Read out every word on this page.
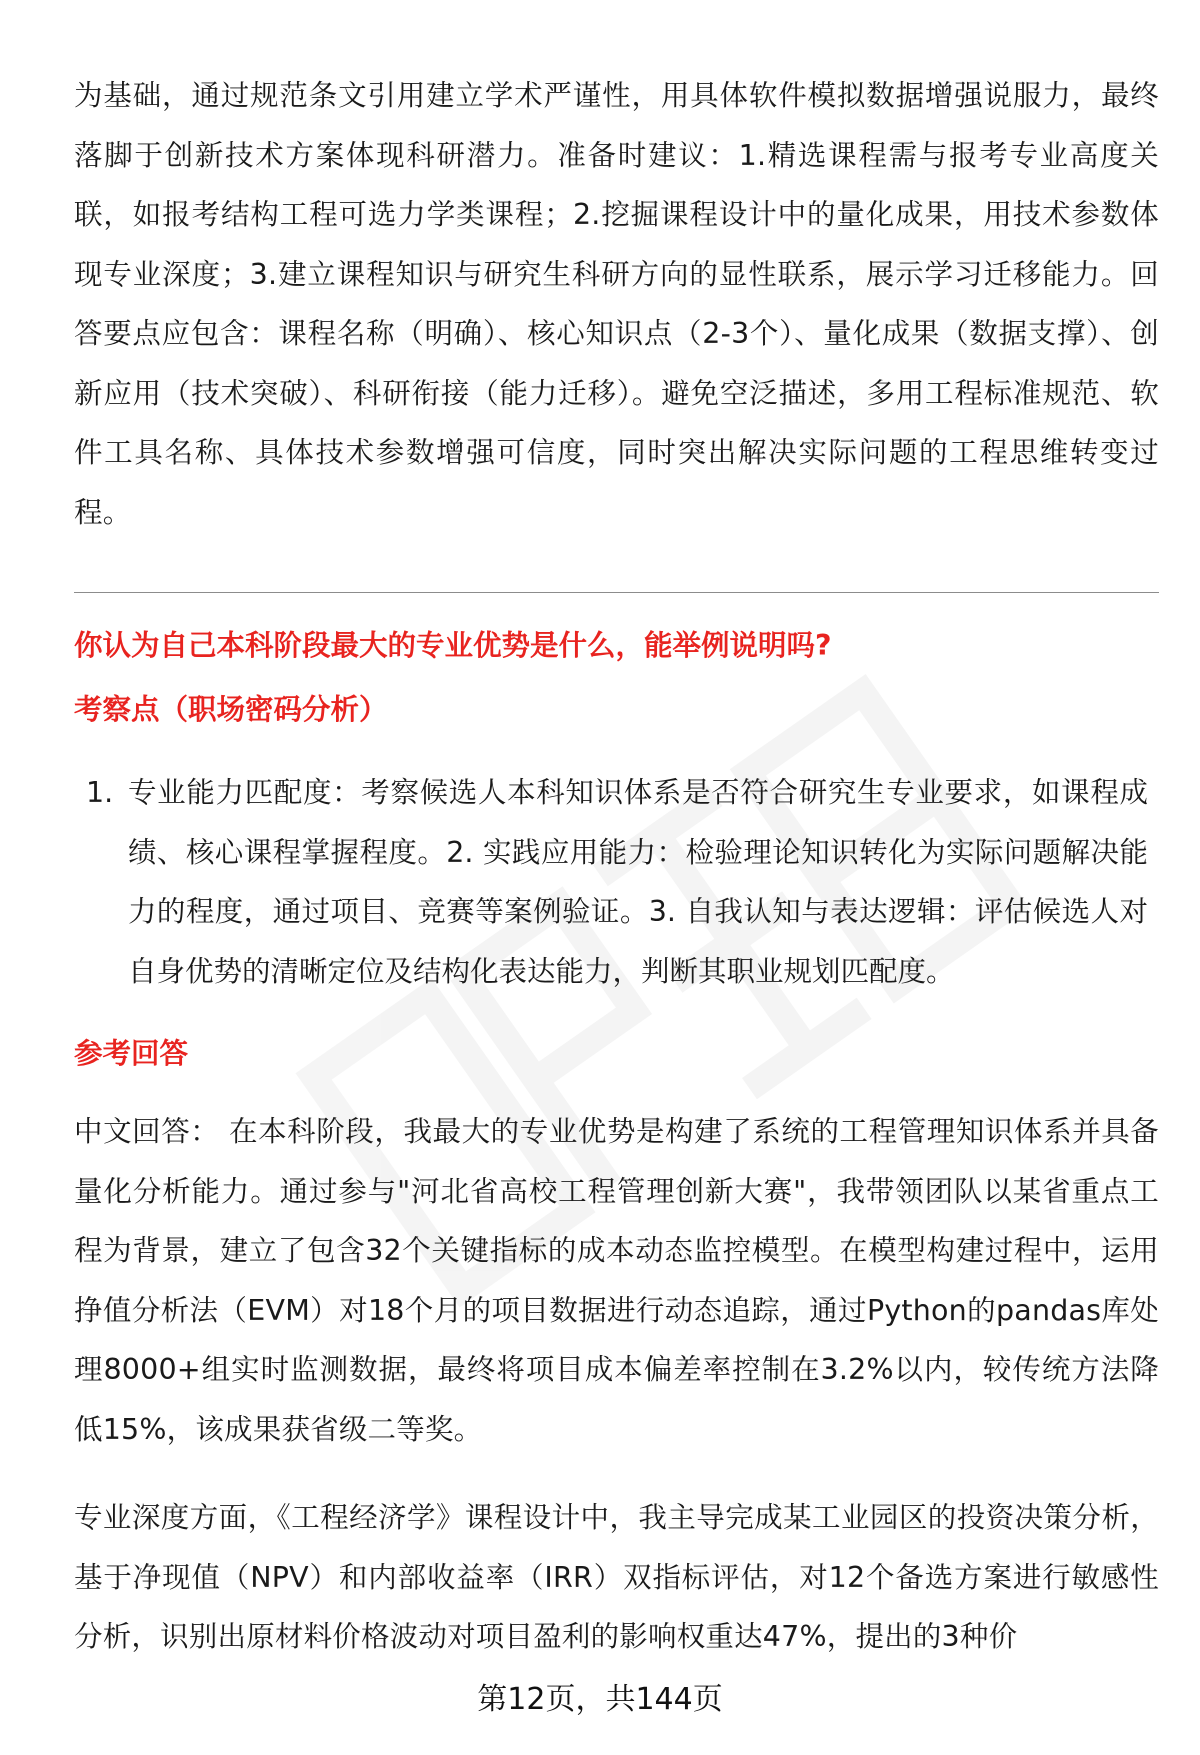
为基础，通过规范条文引用建立学术严谨性，用具体软件模拟数据增强说服力，最终落脚于创新技术方案体现科研潜力。准备时建议：1.精选课程需与报考专业高度关联，如报考结构工程可选力学类课程；2.挖掘课程设计中的量化成果，用技术参数体现专业深度；3.建立课程知识与研究生科研方向的显性联系，展示学习迁移能力。回答要点应包含：课程名称（明确）、核心知识点（2-3个）、量化成果（数据支撑）、创新应用（技术突破）、科研衔接（能力迁移）。避免空泛描述，多用工程标准规范、软件工具名称、具体技术参数增强可信度，同时突出解决实际问题的工程思维转变过程。
你认为自己本科阶段最大的专业优势是什么，能举例说明吗?
考察点（职场密码分析）
1. 专业能力匹配度：考察候选人本科知识体系是否符合研究生专业要求，如课程成绩、核心课程掌握程度。2. 实践应用能力：检验理论知识转化为实际问题解决能力的程度，通过项目、竞赛等案例验证。3. 自我认知与表达逻辑：评估候选人对自身优势的清晰定位及结构化表达能力，判断其职业规划匹配度。
参考回答
中文回答： 在本科阶段，我最大的专业优势是构建了系统的工程管理知识体系并具备量化分析能力。通过参与"河北省高校工程管理创新大赛"，我带领团队以某省重点工程为背景，建立了包含32个关键指标的成本动态监控模型。在模型构建过程中，运用挣值分析法（EVM）对18个月的项目数据进行动态追踪，通过Python的pandas库处理8000+组实时监测数据，最终将项目成本偏差率控制在3.2%以内，较传统方法降低15%，该成果获省级二等奖。
专业深度方面，《工程经济学》课程设计中，我主导完成某工业园区的投资决策分析，基于净现值（NPV）和内部收益率（IRR）双指标评估，对12个备选方案进行敏感性分析，识别出原材料价格波动对项目盈利的影响权重达47%，提出的3种价
第12页，共144页
